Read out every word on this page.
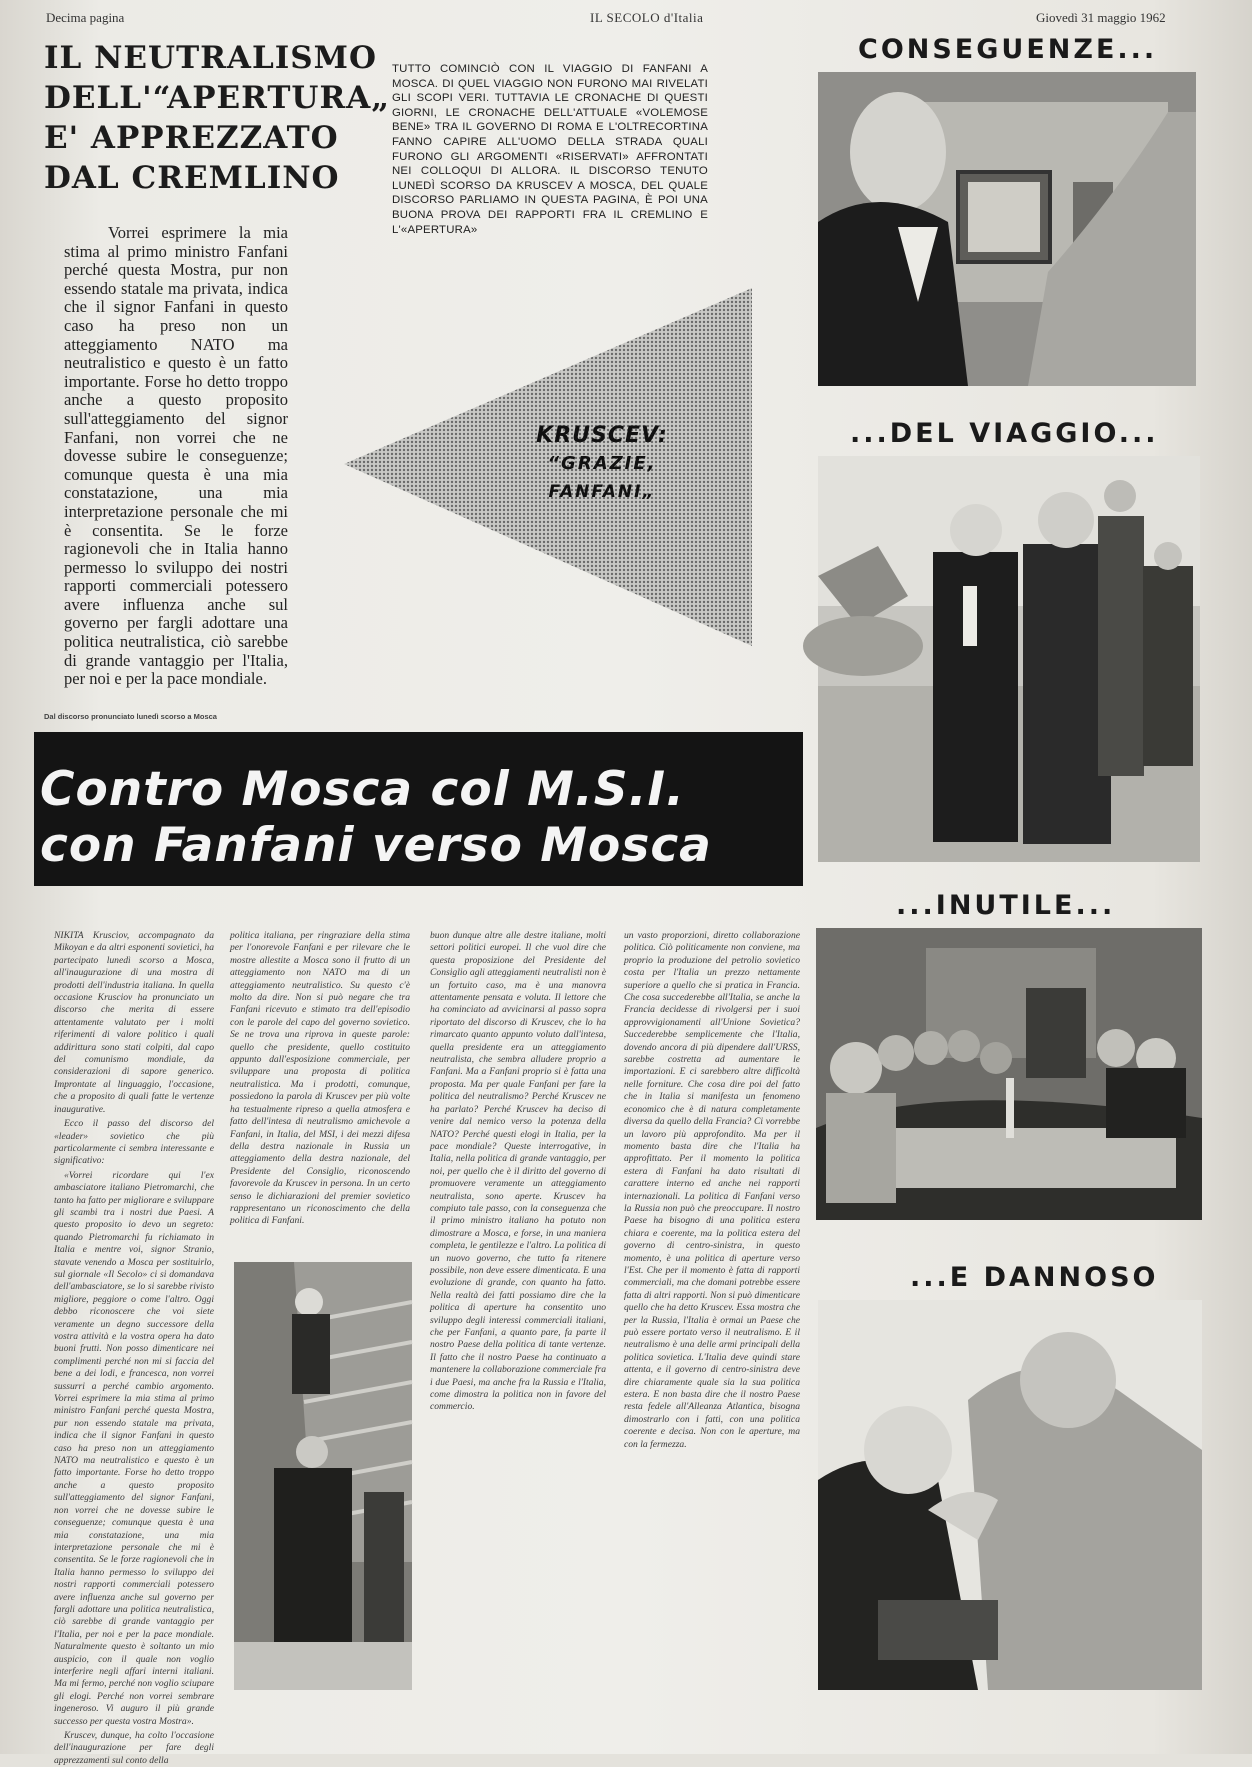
Decima pagina	IL SECOLO d'Italia	Giovedì 31 maggio 1962
IL NEUTRALISMO
DELL'“APERTURA„
E' APPREZZATO
DAL CREMLINO
Vorrei esprimere la mia stima al primo ministro Fanfani perché questa Mostra, pur non essendo statale ma privata, indica che il signor Fanfani in questo caso ha preso non un atteggiamento NATO ma neutralistico e questo è un fatto importante. Forse ho detto troppo anche a questo proposito sull'atteggiamento del signor Fanfani, non vorrei che ne dovesse subire le conseguenze; comunque questa è una mia constatazione, una mia interpretazione personale che mi è consentita. Se le forze ragionevoli che in Italia hanno permesso lo sviluppo dei nostri rapporti commerciali potessero avere influenza anche sul governo per fargli adottare una politica neutralistica, ciò sarebbe di grande vantaggio per l'Italia, per noi e per la pace mondiale.
Dal discorso pronunciato lunedì scorso a Mosca
TUTTO COMINCIÒ CON IL VIAGGIO DI FANFANI A MOSCA. DI QUEL VIAGGIO NON FURONO MAI RIVELATI GLI SCOPI VERI. TUTTAVIA LE CRONACHE DI QUESTI GIORNI, LE CRONACHE DELL'ATTUALE «VOLEMOSE BENE» TRA IL GOVERNO DI ROMA E L'OLTRECORTINA FANNO CAPIRE ALL'UOMO DELLA STRADA QUALI FURONO GLI ARGOMENTI «RISERVATI» AFFRONTATI NEI COLLOQUI DI ALLORA. IL DISCORSO TENUTO LUNEDÌ SCORSO DA KRUSCEV A MOSCA, DEL QUALE DISCORSO PARLIAMO IN QUESTA PAGINA, È POI UNA BUONA PROVA DEI RAPPORTI FRA IL CREMLINO E L'«APERTURA»
KRUSCEV:
“GRAZIE,
FANFANI„
Contro Mosca col M.S.I.
con Fanfani verso Mosca
CONSEGUENZE...
...DEL VIAGGIO...
...INUTILE...
...E DANNOSO

NIKITA Krusciov, accompagnato da Mikoyan e da altri esponenti sovietici, ha partecipato lunedì scorso a Mosca, all'inaugurazione di una mostra di prodotti dell'industria italiana. In quella occasione Krusciov ha pronunciato un discorso che merita di essere attentamente valutato per i molti riferimenti di valore politico i quali addirittura sono stati colpiti, dal capo del comunismo mondiale, da considerazioni di sapore generico. Improntate al linguaggio, l'occasione, che a proposito di quali fatte le vertenze inaugurative.

Ecco il passo del discorso del «leader» sovietico che più particolarmente ci sembra interessante e significativo:

«Vorrei ricordare qui l'ex ambasciatore italiano Pietromarchi, che tanto ha fatto per migliorare e sviluppare gli scambi tra i nostri due Paesi. A questo proposito io devo un segreto: quando Pietromarchi fu richiamato in Italia e mentre voi, signor Stranio, stavate venendo a Mosca per sostituirlo, sul giornale «Il Secolo» ci si domandava dell'ambasciatore, se lo si sarebbe rivisto migliore, peggiore o come l'altro. Oggi debbo riconoscere che voi siete veramente un degno successore della vostra attività e la vostra opera ha dato buoni frutti. Non posso dimenticare nei complimenti perché non mi si faccia del bene a dei lodi, e francesca, non vorrei sussurri a perché cambio argomento. Vorrei esprimere la mia stima al primo ministro Fanfani perché questa Mostra, pur non essendo statale ma privata, indica che il signor Fanfani in questo caso ha preso non un atteggiamento NATO ma neutralistico e questo è un fatto importante. Forse ho detto troppo anche a questo proposito sull'atteggiamento del signor Fanfani, non vorrei che ne dovesse subire le conseguenze; comunque questa è una mia constatazione, una mia interpretazione personale che mi è consentita. Se le forze ragionevoli che in Italia hanno permesso lo sviluppo dei nostri rapporti commerciali potessero avere influenza anche sul governo per fargli adottare una politica neutralistica, ciò sarebbe di grande vantaggio per l'Italia, per noi e per la pace mondiale. Naturalmente questo è soltanto un mio auspicio, con il quale non voglio interferire negli affari interni italiani. Ma mi fermo, perché non voglio sciupare gli elogi. Perché non vorrei sembrare ingeneroso. Vi auguro il più grande successo per questa vostra Mostra».

Kruscev, dunque, ha colto l'occasione dell'inaugurazione per fare degli apprezzamenti sul conto della

politica italiana, per ringraziare della stima per l'onorevole Fanfani e per rilevare che le mostre allestite a Mosca sono il frutto di un atteggiamento non NATO ma di un atteggiamento neutralistico. Su questo c'è molto da dire. Non si può negare che tra Fanfani ricevuto e stimato tra dell'episodio con le parole del capo del governo sovietico. Se ne trova una riprova in queste parole: quello che presidente, quello costituito appunto dall'esposizione commerciale, per sviluppare una proposta di politica neutralistica. Ma i prodotti, comunque, possiedono la parola di Kruscev per più volte ha testualmente ripreso a quella atmosfera e fatto dell'intesa di neutralismo amichevole a Fanfani, in Italia, del MSI, i dei mezzi difesa della destra nazionale in Russia un atteggiamento della destra nazionale, del Presidente del Consiglio, riconoscendo favorevole da Kruscev in persona. In un certo senso le dichiarazioni del premier sovietico rappresentano un riconoscimento che della politica di Fanfani.

buon dunque altre alle destre italiane, molti settori politici europei. Il che vuol dire che questa proposizione del Presidente del Consiglio agli atteggiamenti neutralisti non è un fortuito caso, ma è una manovra attentamente pensata e voluta. Il lettore che ha cominciato ad avvicinarsi al passo sopra riportato del discorso di Kruscev, che lo ha rimarcato quanto appunto voluto dall'intesa, quella presidente era un atteggiamento neutralista, che sembra alludere proprio a Fanfani. Ma a Fanfani proprio si è fatta una proposta. Ma per quale Fanfani per fare la politica del neutralismo? Perché Kruscev ne ha parlato? Perché Kruscev ha deciso di venire dal nemico verso la potenza della NATO? Perché questi elogi in Italia, per la pace mondiale? Queste interrogative, in Italia, nella politica di grande vantaggio, per noi, per quello che è il diritto del governo di promuovere veramente un atteggiamento neutralista, sono aperte. Kruscev ha compiuto tale passo, con la conseguenza che il primo ministro italiano ha potuto non dimostrare a Mosca, e forse, in una maniera completa, le gentilezze e l'altro. La politica di un nuovo governo, che tutto fa ritenere possibile, non deve essere dimenticata. E una evoluzione di grande, con quanto ha fatto. Nella realtà dei fatti possiamo dire che la politica di aperture ha consentito uno sviluppo degli interessi commerciali italiani, che per Fanfani, a quanto pare, fa parte il nostro Paese della politica di tante vertenze. Il fatto che il nostro Paese ha continuato a mantenere la collaborazione commerciale fra i due Paesi, ma anche fra la Russia e l'Italia, come dimostra la politica non in favore del commercio.

un vasto proporzioni, diretto collaborazione politica. Ciò politicamente non conviene, ma proprio la produzione del petrolio sovietico costa per l'Italia un prezzo nettamente superiore a quello che si pratica in Francia. Che cosa succederebbe all'Italia, se anche la Francia decidesse di rivolgersi per i suoi approvvigionamenti all'Unione Sovietica? Succederebbe semplicemente che l'Italia, dovendo ancora di più dipendere dall'URSS, sarebbe costretta ad aumentare le importazioni. E ci sarebbero altre difficoltà nelle forniture. Che cosa dire poi del fatto che in Italia si manifesta un fenomeno economico che è di natura completamente diversa da quello della Francia? Ci vorrebbe un lavoro più approfondito. Ma per il momento basta dire che l'Italia ha approfittato. Per il momento la politica estera di Fanfani ha dato risultati di carattere interno ed anche nei rapporti internazionali. La politica di Fanfani verso la Russia non può che preoccupare. Il nostro Paese ha bisogno di una politica estera chiara e coerente, ma la politica estera del governo di centro-sinistra, in questo momento, è una politica di aperture verso l'Est. Che per il momento è fatta di rapporti commerciali, ma che domani potrebbe essere fatta di altri rapporti. Non si può dimenticare quello che ha detto Kruscev. Essa mostra che per la Russia, l'Italia è ormai un Paese che può essere portato verso il neutralismo. E il neutralismo è una delle armi principali della politica sovietica. L'Italia deve quindi stare attenta, e il governo di centro-sinistra deve dire chiaramente quale sia la sua politica estera. E non basta dire che il nostro Paese resta fedele all'Alleanza Atlantica, bisogna dimostrarlo con i fatti, con una politica coerente e decisa. Non con le aperture, ma con la fermezza.
